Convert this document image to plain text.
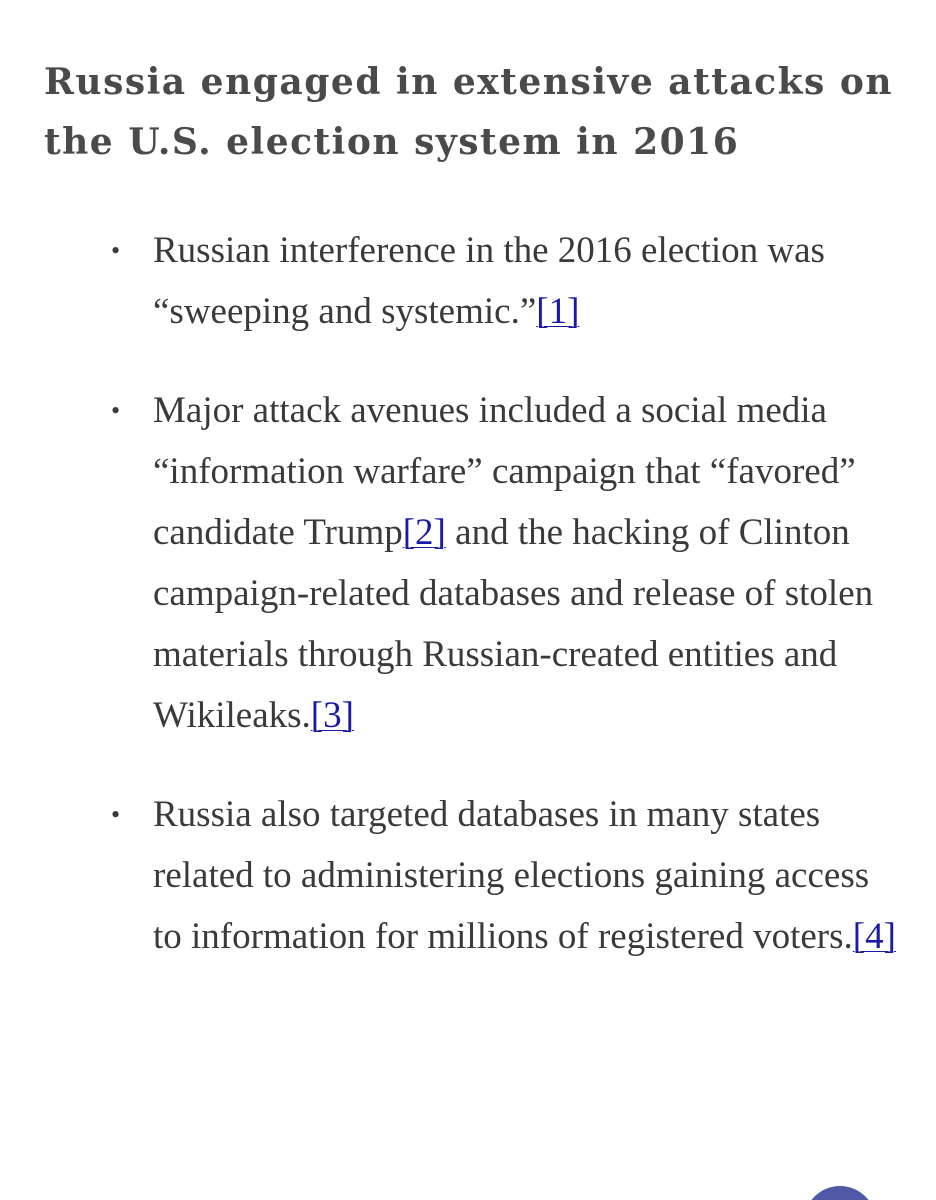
Russia engaged in extensive attacks on the U.S. election system in 2016
• Russian interference in the 2016 election was “sweeping and systemic.”[1]
• Major attack avenues included a social media “information warfare” campaign that “favored” candidate Trump[2] and the hacking of Clinton campaign-related databases and release of stolen materials through Russian-created entities and Wikileaks.[3]
• Russia also targeted databases in many states related to administering elections gaining access to information for millions of registered voters.[4]
